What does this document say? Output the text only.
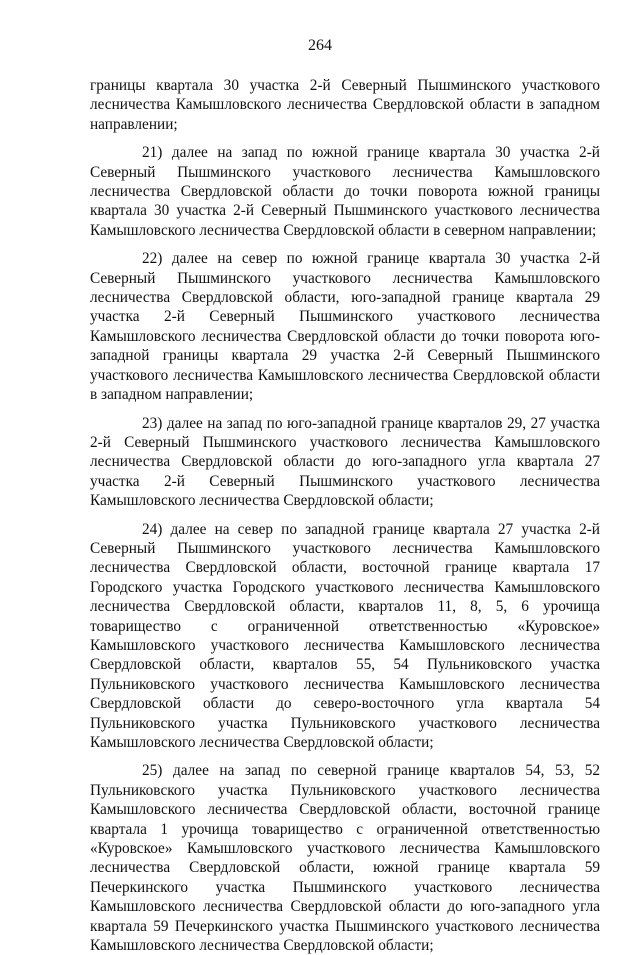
264

границы квартала 30 участка 2-й Северный Пышминского участкового лесничества Камышловского лесничества Свердловской области в западном направлении;

21) далее на запад по южной границе квартала 30 участка 2-й Северный Пышминского участкового лесничества Камышловского лесничества Свердловской области до точки поворота южной границы квартала 30 участка 2-й Северный Пышминского участкового лесничества Камышловского лесничества Свердловской области в северном направлении;

22) далее на север по южной границе квартала 30 участка 2-й Северный Пышминского участкового лесничества Камышловского лесничества Свердловской области, юго-западной границе квартала 29 участка 2-й Северный Пышминского участкового лесничества Камышловского лесничества Свердловской области до точки поворота юго-западной границы квартала 29 участка 2-й Северный Пышминского участкового лесничества Камышловского лесничества Свердловской области в западном направлении;

23) далее на запад по юго-западной границе кварталов 29, 27 участка 2-й Северный Пышминского участкового лесничества Камышловского лесничества Свердловской области до юго-западного угла квартала 27 участка 2-й Северный Пышминского участкового лесничества Камышловского лесничества Свердловской области;

24) далее на север по западной границе квартала 27 участка 2-й Северный Пышминского участкового лесничества Камышловского лесничества Свердловской области, восточной границе квартала 17 Городского участка Городского участкового лесничества Камышловского лесничества Свердловской области, кварталов 11, 8, 5, 6 урочища товарищество с ограниченной ответственностью «Куровское» Камышловского участкового лесничества Камышловского лесничества Свердловской области, кварталов 55, 54 Пульниковского участка Пульниковского участкового лесничества Камышловского лесничества Свердловской области до северо-восточного угла квартала 54 Пульниковского участка Пульниковского участкового лесничества Камышловского лесничества Свердловской области;

25) далее на запад по северной границе кварталов 54, 53, 52 Пульниковского участка Пульниковского участкового лесничества Камышловского лесничества Свердловской области, восточной границе квартала 1 урочища товарищество с ограниченной ответственностью «Куровское» Камышловского участкового лесничества Камышловского лесничества Свердловской области, южной границе квартала 59 Печеркинского участка Пышминского участкового лесничества Камышловского лесничества Свердловской области до юго-западного угла квартала 59 Печеркинского участка Пышминского участкового лесничества Камышловского лесничества Свердловской области;
